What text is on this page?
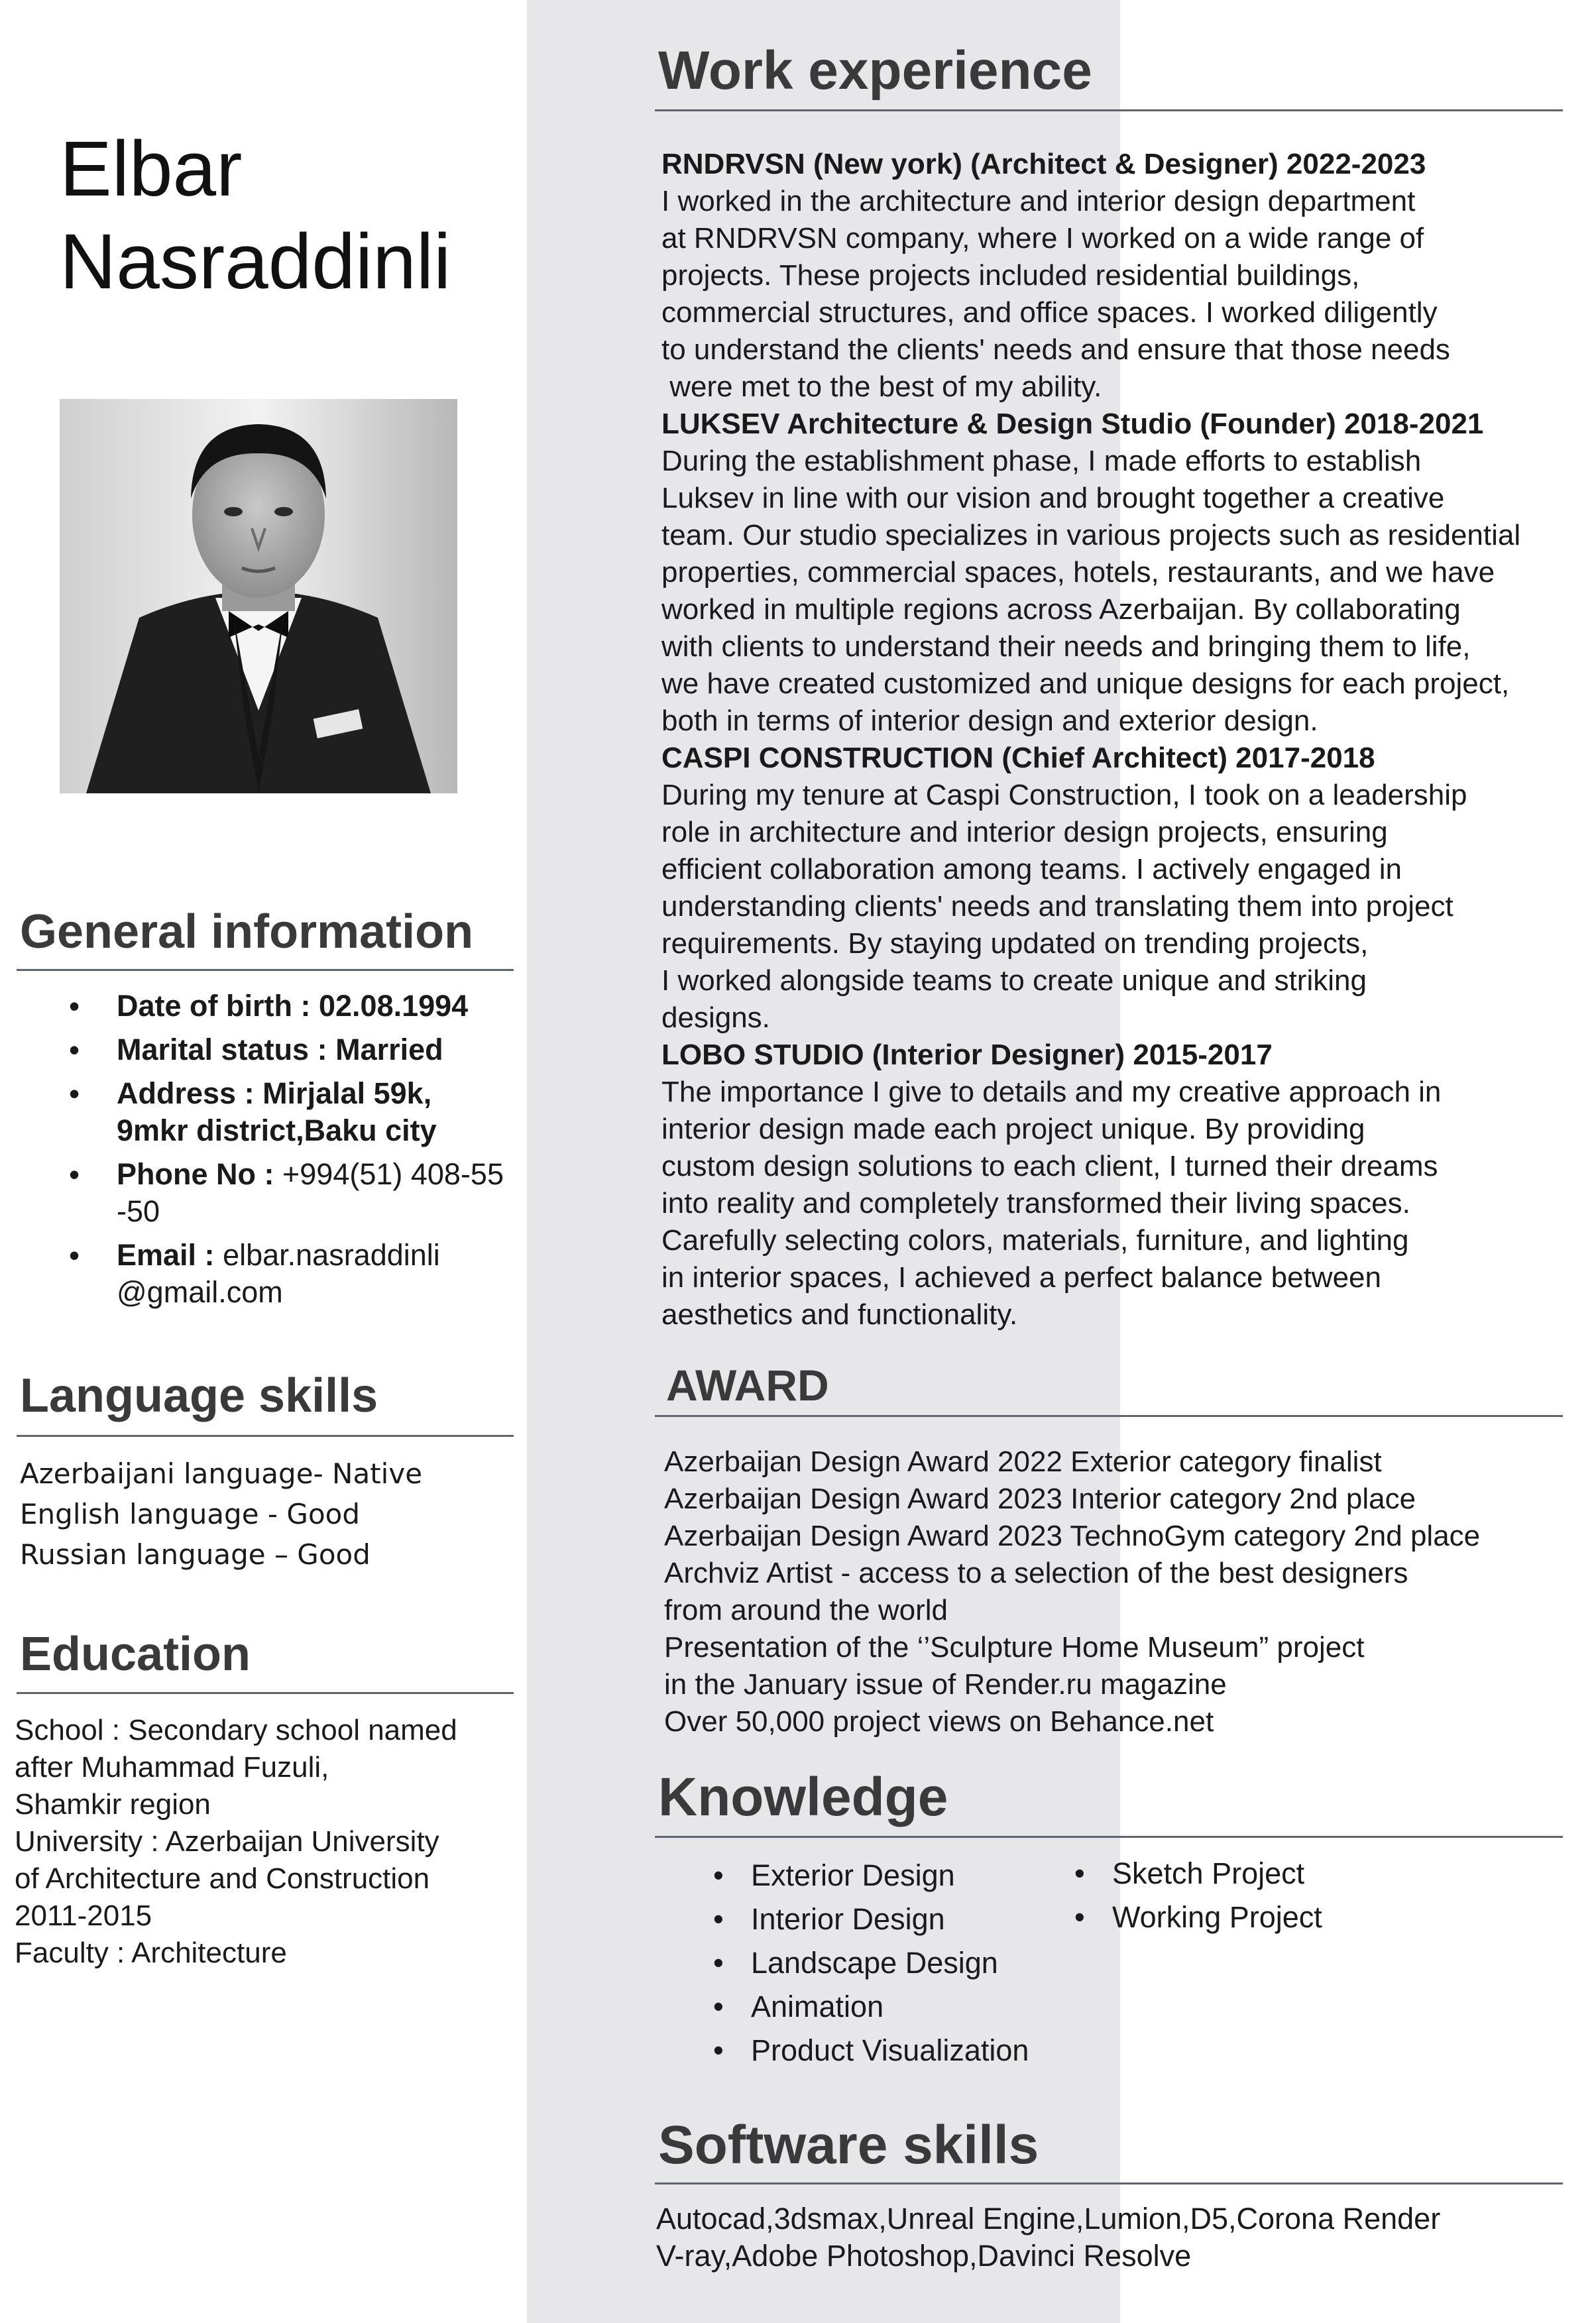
Elbar
Nasraddinli
General information
• Date of birth : 02.08.1994
• Marital status : Married
• Address : Mirjalal 59k, 9mkr district,Baku city
• Phone No : +994(51) 408-55 -50
• Email : elbar.nasraddinli @gmail.com
Language skills
Azerbaijani language- Native
English language - Good
Russian language – Good
Education
School : Secondary school named
after Muhammad Fuzuli,
Shamkir region
University : Azerbaijan University
of Architecture and Construction
2011-2015
Faculty : Architecture
Work experience
RNDRVSN (New york) (Architect & Designer) 2022-2023
I worked in the architecture and interior design department
at RNDRVSN company, where I worked on a wide range of
projects. These projects included residential buildings,
commercial structures, and office spaces. I worked diligently
to understand the clients' needs and ensure that those needs
were met to the best of my ability.
LUKSEV Architecture & Design Studio (Founder) 2018-2021
During the establishment phase, I made efforts to establish
Luksev in line with our vision and brought together a creative
team. Our studio specializes in various projects such as residential
properties, commercial spaces, hotels, restaurants, and we have
worked in multiple regions across Azerbaijan. By collaborating
with clients to understand their needs and bringing them to life,
we have created customized and unique designs for each project,
both in terms of interior design and exterior design.
CASPI CONSTRUCTION (Chief Architect) 2017-2018
During my tenure at Caspi Construction, I took on a leadership
role in architecture and interior design projects, ensuring
efficient collaboration among teams. I actively engaged in
understanding clients' needs and translating them into project
requirements. By staying updated on trending projects,
I worked alongside teams to create unique and striking
designs.
LOBO STUDIO (Interior Designer) 2015-2017
The importance I give to details and my creative approach in
interior design made each project unique. By providing
custom design solutions to each client, I turned their dreams
into reality and completely transformed their living spaces.
Carefully selecting colors, materials, furniture, and lighting
in interior spaces, I achieved a perfect balance between
aesthetics and functionality.
AWARD
Azerbaijan Design Award 2022 Exterior category finalist
Azerbaijan Design Award 2023 Interior category 2nd place
Azerbaijan Design Award 2023 TechnoGym category 2nd place
Archviz Artist - access to a selection of the best designers
from around the world
Presentation of the ‘’Sculpture Home Museum” project
in the January issue of Render.ru magazine
Over 50,000 project views on Behance.net
Knowledge
• Exterior Design
• Interior Design
• Landscape Design
• Animation
• Product Visualization
• Sketch Project
• Working Project
Software skills
Autocad,3dsmax,Unreal Engine,Lumion,D5,Corona Render
V-ray,Adobe Photoshop,Davinci Resolve
